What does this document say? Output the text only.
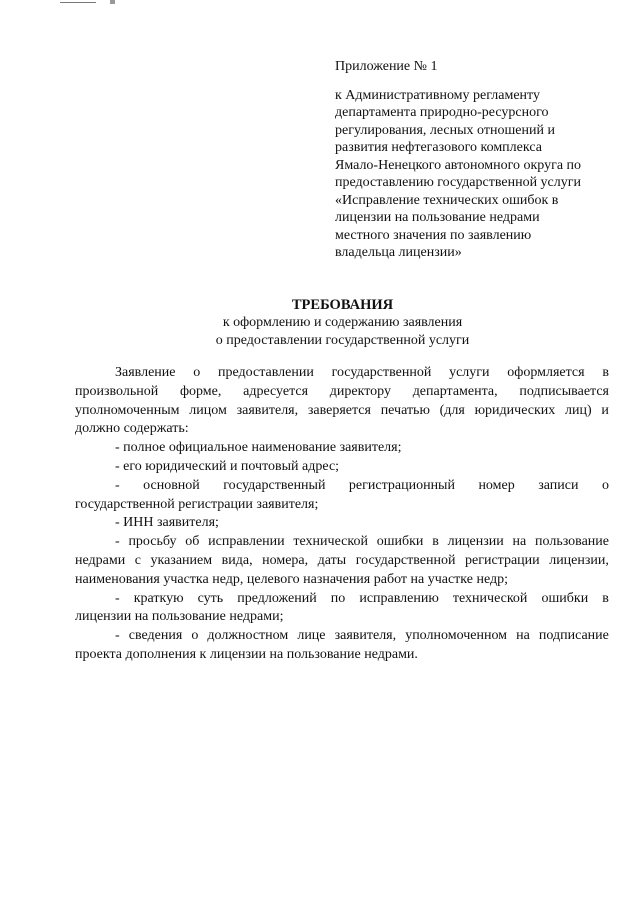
Приложение № 1
к Административному регламенту
департамента природно-ресурсного
регулирования, лесных отношений и
развития нефтегазового комплекса
Ямало-Ненецкого автономного округа по
предоставлению государственной услуги
«Исправление технических ошибок в
лицензии на пользование недрами
местного значения по заявлению
владельца лицензии»
ТРЕБОВАНИЯ
к оформлению и содержанию заявления
о предоставлении государственной услуги
Заявление о предоставлении государственной услуги оформляется в
произвольной форме, адресуется директору департамента, подписывается
уполномоченным лицом заявителя, заверяется печатью (для юридических лиц) и
должно содержать:
- полное официальное наименование заявителя;
- его юридический и почтовый адрес;
- основной государственный регистрационный номер записи о
государственной регистрации заявителя;
- ИНН заявителя;
- просьбу об исправлении технической ошибки в лицензии на пользование
недрами с указанием вида, номера, даты государственной регистрации лицензии,
наименования участка недр, целевого назначения работ на участке недр;
- краткую суть предложений по исправлению технической ошибки в
лицензии на пользование недрами;
- сведения о должностном лице заявителя, уполномоченном на подписание
проекта дополнения к лицензии на пользование недрами.
